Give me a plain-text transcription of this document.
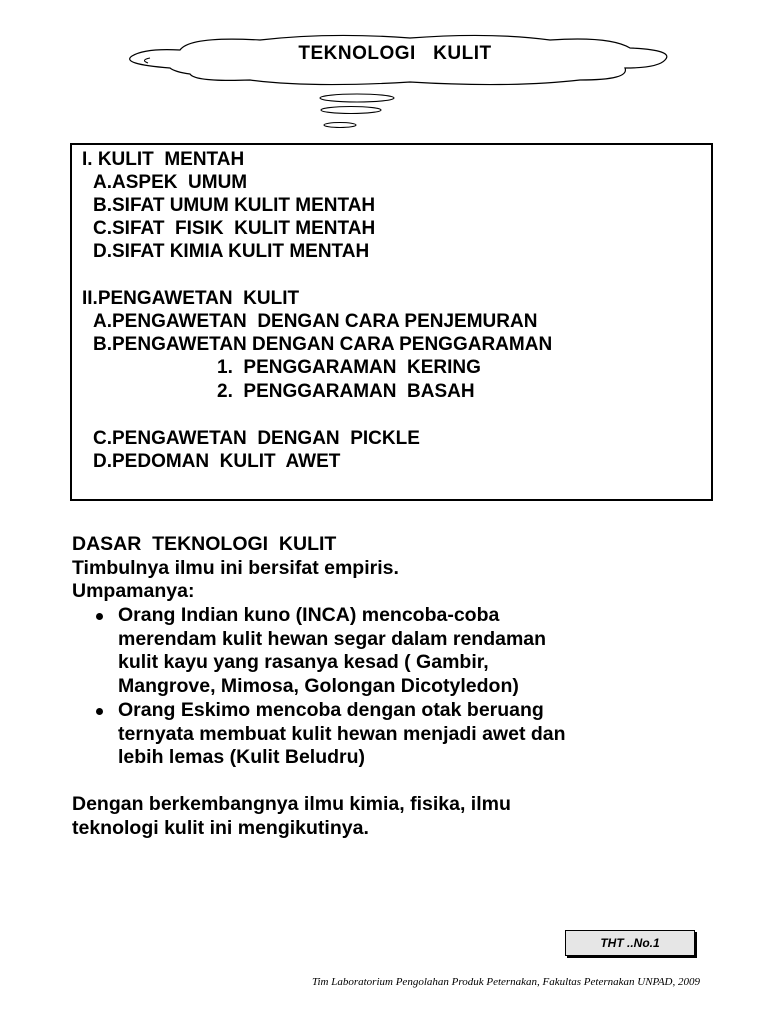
TEKNOLOGI   KULIT
I. KULIT  MENTAH
A.ASPEK  UMUM
B.SIFAT UMUM KULIT MENTAH
C.SIFAT  FISIK  KULIT MENTAH
D.SIFAT KIMIA KULIT MENTAH
II.PENGAWETAN  KULIT
A.PENGAWETAN  DENGAN CARA PENJEMURAN
B.PENGAWETAN DENGAN CARA PENGGARAMAN
1.  PENGGARAMAN  KERING
2.  PENGGARAMAN  BASAH
C.PENGAWETAN  DENGAN  PICKLE
D.PEDOMAN  KULIT  AWET
DASAR  TEKNOLOGI  KULIT
Timbulnya ilmu ini bersifat empiris.
Umpamanya:
Orang Indian kuno (INCA) mencoba-coba
merendam kulit hewan segar dalam rendaman
kulit kayu yang rasanya kesad ( Gambir,
Mangrove, Mimosa, Golongan Dicotyledon)
Orang Eskimo mencoba dengan otak beruang
ternyata membuat kulit hewan menjadi awet dan
lebih lemas (Kulit Beludru)
Dengan berkembangnya ilmu kimia, fisika, ilmu
teknologi kulit ini mengikutinya.
THT ..No.1
Tim Laboratorium Pengolahan Produk Peternakan, Fakultas Peternakan UNPAD, 2009
